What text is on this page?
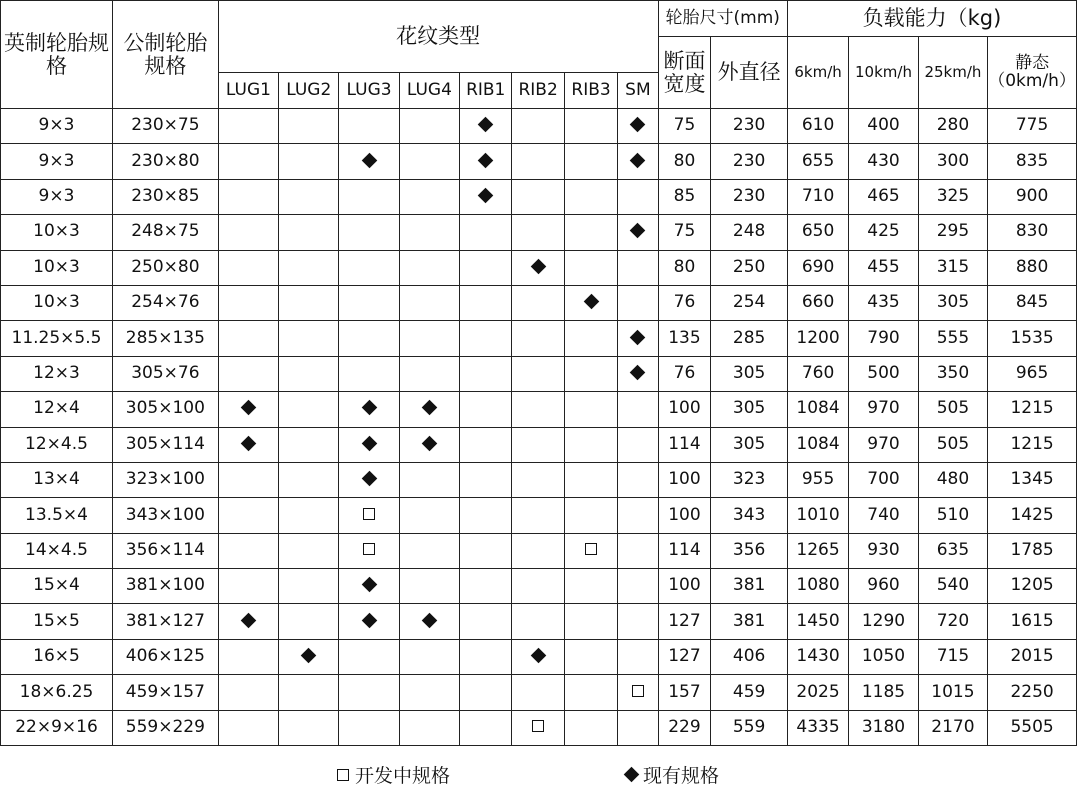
英制轮胎规格	公制轮胎规格	花纹类型								轮胎尺寸(mm)		负载能力（kg)			
										断面宽度	外直径	6km/h	10km/h	25km/h	静态（0km/h）
		LUG1	LUG2	LUG3	LUG4	RIB1	RIB2	RIB3	SM						
9×3	230×75									75	230	610	400	280	775
9×3	230×80									80	230	655	430	300	835
9×3	230×85									85	230	710	465	325	900
10×3	248×75									75	248	650	425	295	830
10×3	250×80									80	250	690	455	315	880
10×3	254×76									76	254	660	435	305	845
11.25×5.5	285×135									135	285	1200	790	555	1535
12×3	305×76									76	305	760	500	350	965
12×4	305×100									100	305	1084	970	505	1215
12×4.5	305×114									114	305	1084	970	505	1215
13×4	323×100									100	323	955	700	480	1345
13.5×4	343×100									100	343	1010	740	510	1425
14×4.5	356×114									114	356	1265	930	635	1785
15×4	381×100									100	381	1080	960	540	1205
15×5	381×127									127	381	1450	1290	720	1615
16×5	406×125									127	406	1430	1050	715	2015
18×6.25	459×157									157	459	2025	1185	1015	2250
22×9×16	559×229									229	559	4335	3180	2170	5505
开发中规格	现有规格
